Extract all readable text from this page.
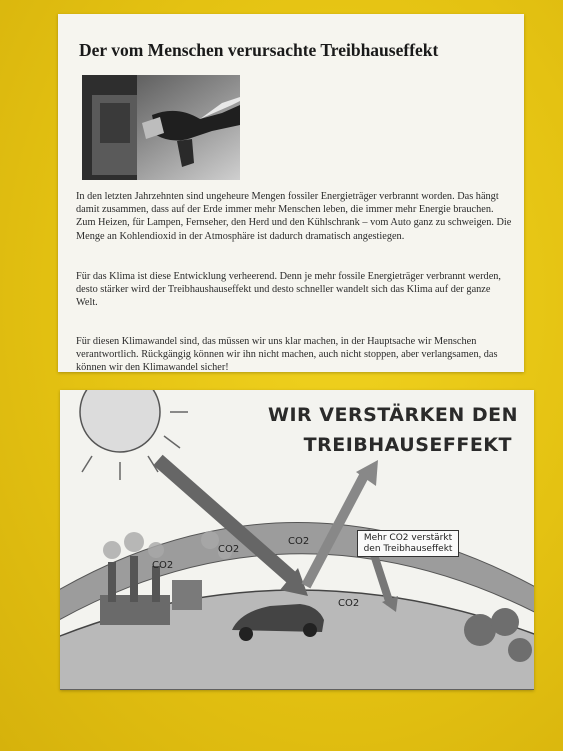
Der vom Menschen verursachte Treibhauseffekt

In den letzten Jahrzehnten sind ungeheure Mengen fossiler Energieträger verbrannt worden. Das hängt damit zusammen, dass auf der Erde immer mehr Menschen leben, die immer mehr Energie brauchen. Zum Heizen, für Lampen, Fernseher, den Herd und den Kühlschrank – vom Auto ganz zu schweigen. Die Menge an Kohlendioxid in der Atmosphäre ist dadurch dramatisch angestiegen.

Für das Klima ist diese Entwicklung verheerend. Denn je mehr fossile Energieträger verbrannt werden, desto stärker wird der Treibhaushauseffekt und desto schneller wandelt sich das Klima auf der ganze Welt.

Für diesen Klimawandel sind, das müssen wir uns klar machen, in der Hauptsache wir Menschen verantwortlich. Rückgängig können wir ihn nicht machen, auch nicht stoppen, aber verlangsamen, das können wir den Klimawandel sicher!

WIR VERSTÄRKEN DEN
TREIBHAUSEFFEKT
CO2
CO2
CO2
CO2
Mehr CO2 verstärkt
den Treibhauseffekt
